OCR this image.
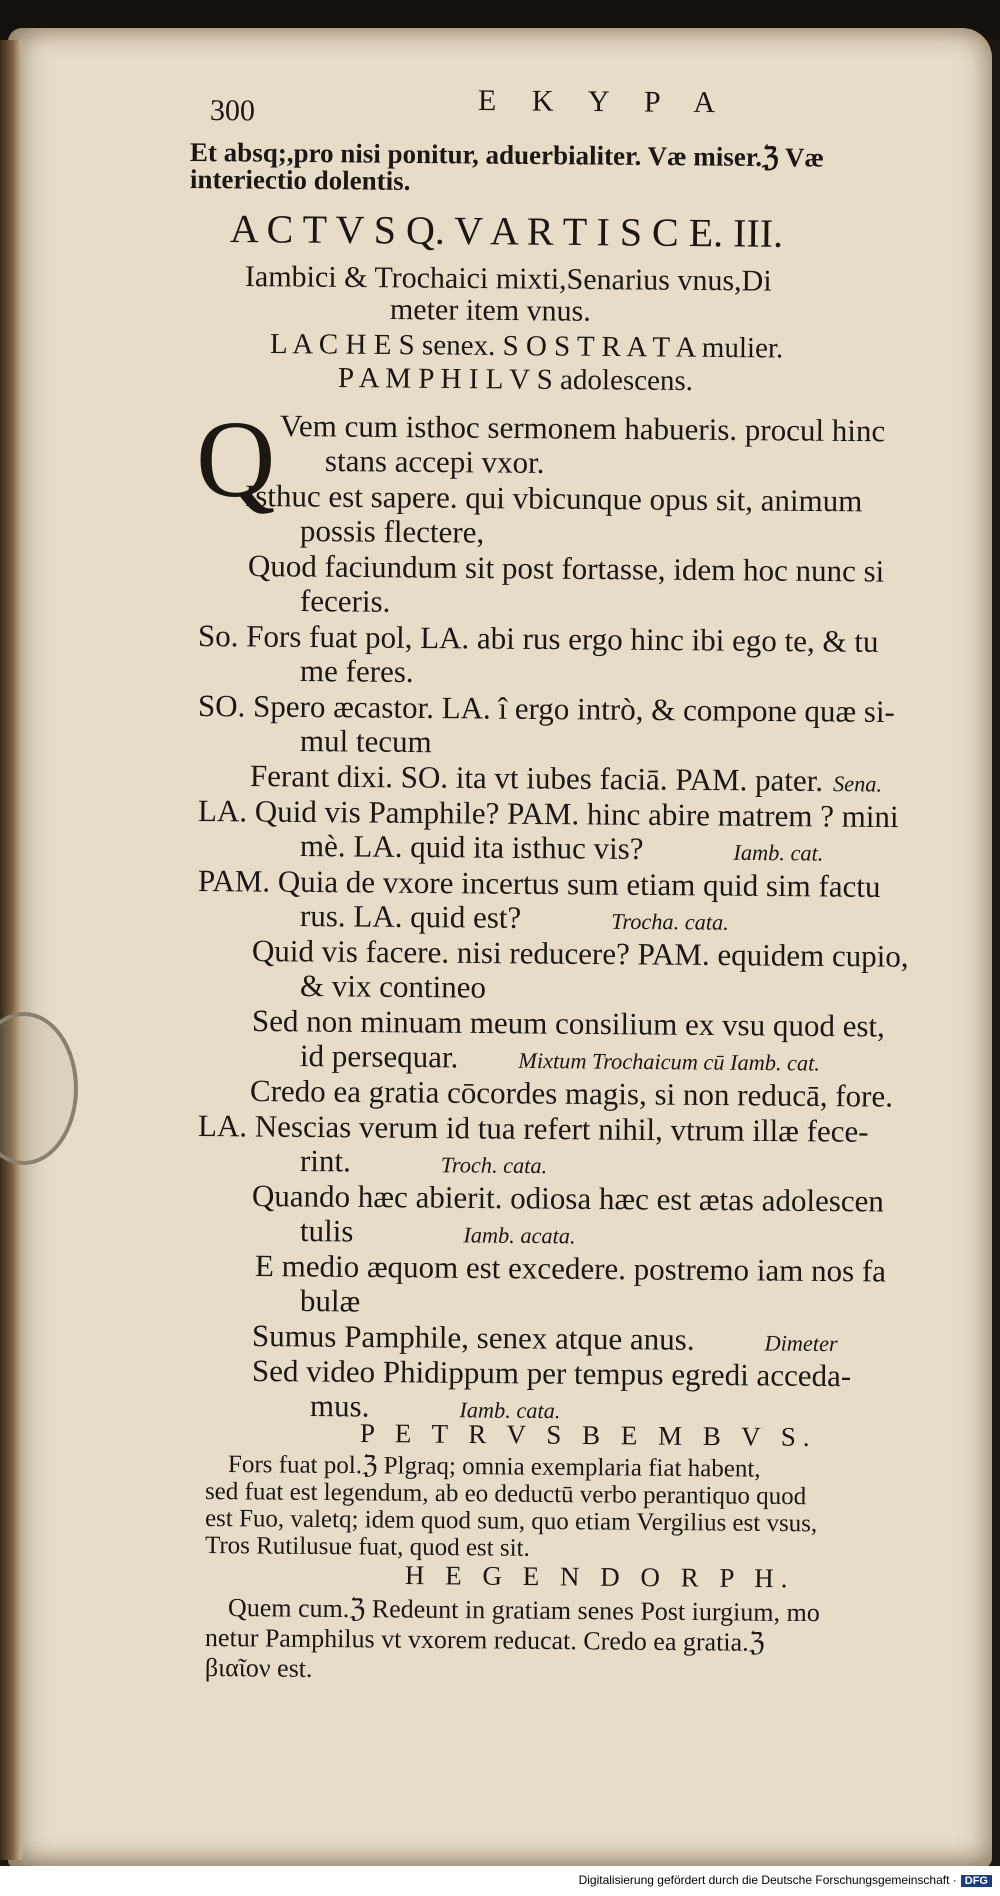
300	E K Y P A
Et absq;,pro nisi ponitur, aduerbialiter. Væ miser.ℨ Væ
interiectio dolentis.
A C T V S Q. V A R T I S C E. III.
Iambici & Trochaici mixti,Senarius vnus,Di
meter item vnus.
L A C H E S senex. S O S T R A T A mulier.
P A M P H I L V S adolescens.
Q Vem cum isthoc sermonem habueris. procul hinc
stans accepi vxor.
Isthuc est sapere. qui vbicunque opus sit, animum
possis flectere,
Quod faciundum sit post fortasse, idem hoc nunc si
feceris.
So. Fors fuat pol, LA. abi rus ergo hinc ibi ego te, & tu
me feres.
SO. Spero æcastor. LA. î ergo intrò, & compone quæ si-
mul tecum
Ferant dixi. SO. ita vt iubes faciā. PAM. pater. Sena.
LA. Quid vis Pamphile? PAM. hinc abire matrem ? mini
mè. LA. quid ita isthuc vis?	Iamb. cat.
PAM. Quia de vxore incertus sum etiam quid sim factu
rus. LA. quid est?	Trocha. cata.
Quid vis facere. nisi reducere? PAM. equidem cupio,
& vix contineo
Sed non minuam meum consilium ex vsu quod est,
id persequar.	Mixtum Trochaicum cū Iamb. cat.
Credo ea gratia cōcordes magis, si non reducā, fore.
LA. Nescias verum id tua refert nihil, vtrum illæ fece-
rint.	Troch. cata.
Quando hæc abierit. odiosa hæc est ætas adolescen
tulis	Iamb. acata.
E medio æquom est excedere. postremo iam nos fa
bulæ
Sumus Pamphile, senex atque anus.	Dimeter
Sed video Phidippum per tempus egredi acceda-
mus.	Iamb. cata.
P E T R V S B E M B V S.
Fors fuat pol.ℨ Plgraq; omnia exemplaria fiat habent,
sed fuat est legendum, ab eo deductū verbo perantiquo quod
est Fuo, valetq; idem quod sum, quo etiam Vergilius est vsus,
Tros Rutilusue fuat, quod est sit.
H E G E N D O R P H.
Quem cum.ℨ Redeunt in gratiam senes Post iurgium, mo
netur Pamphilus vt vxorem reducat. Credo ea gratia.ℨ
βιαῖον est.
Digitalisierung gefördert durch die Deutsche Forschungsgemeinschaft · DFG
